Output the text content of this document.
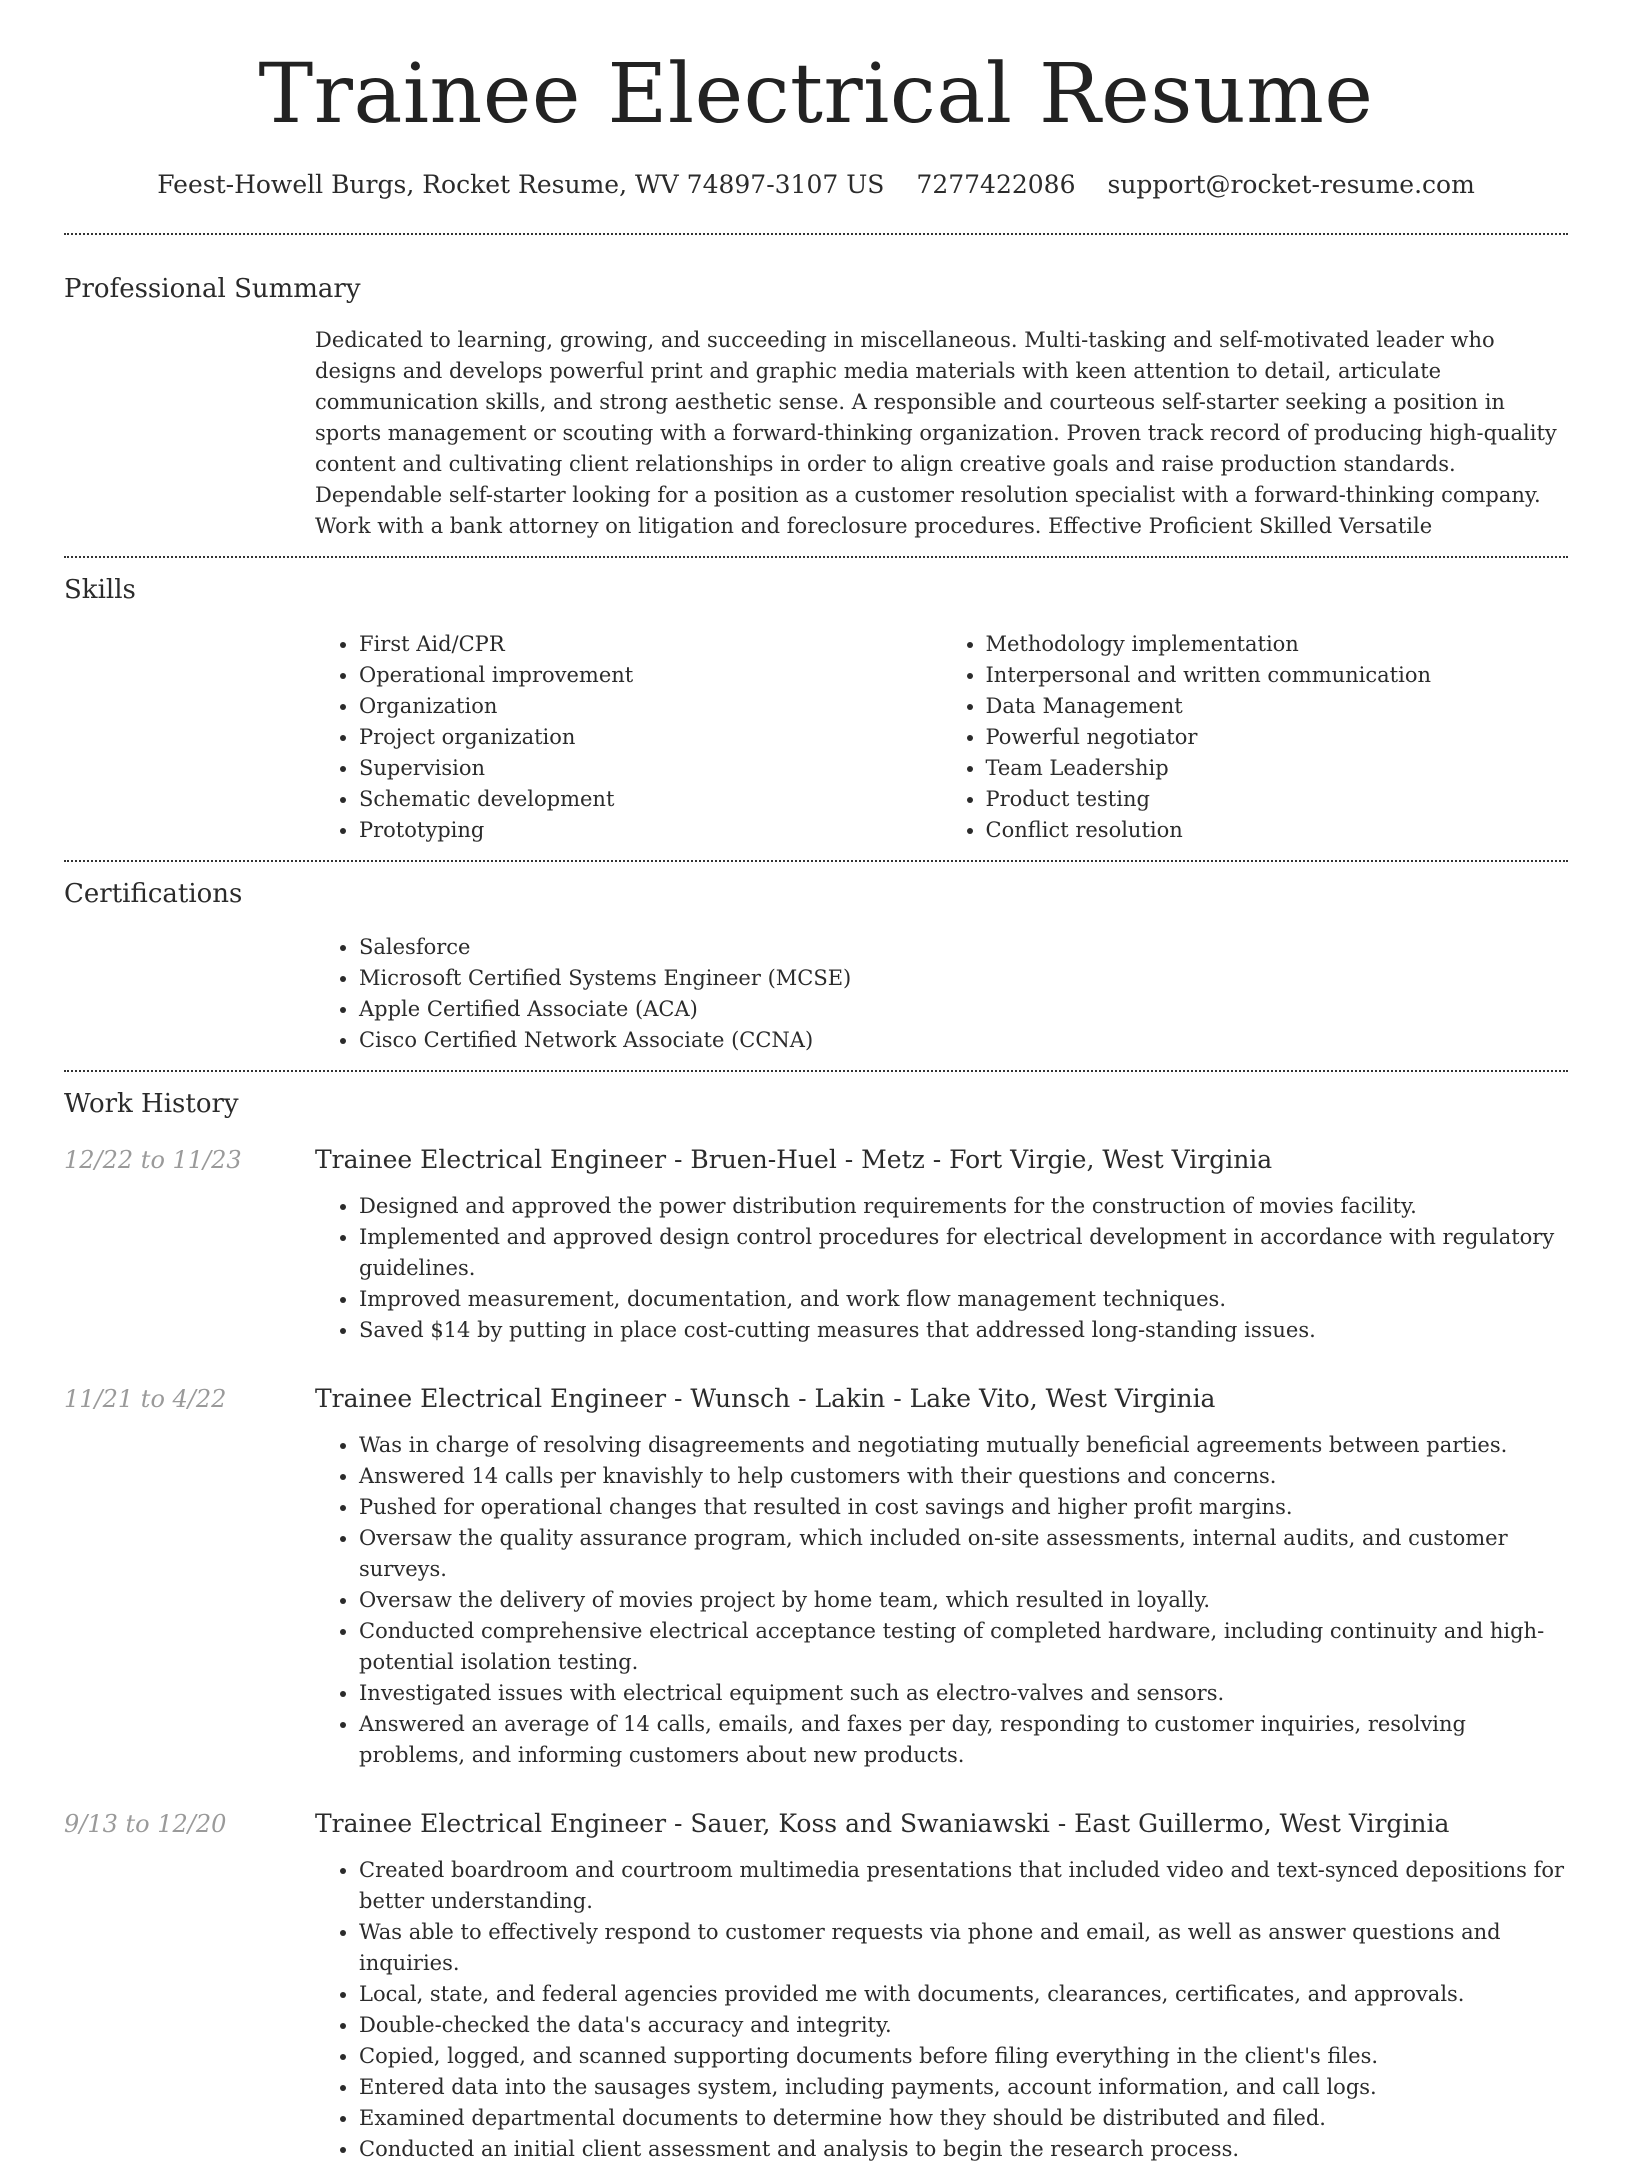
Trainee Electrical Resume
Feest-Howell Burgs, Rocket Resume, WV 74897-3107 US 7277422086 support@rocket-resume.com
Professional Summary

Dedicated to learning, growing, and succeeding in miscellaneous. Multi-tasking and self-motivated leader who designs and develops powerful print and graphic media materials with keen attention to detail, articulate communication skills, and strong aesthetic sense. A responsible and courteous self-starter seeking a position in sports management or scouting with a forward-thinking organization. Proven track record of producing high-quality content and cultivating client relationships in order to align creative goals and raise production standards. Dependable self-starter looking for a position as a customer resolution specialist with a forward-thinking company. Work with a bank attorney on litigation and foreclosure procedures. Effective Proficient Skilled Versatile

Skills
• First Aid/CPR
• Operational improvement
• Organization
• Project organization
• Supervision
• Schematic development
• Prototyping
• Methodology implementation
• Interpersonal and written communication
• Data Management
• Powerful negotiator
• Team Leadership
• Product testing
• Conflict resolution
Certifications
• Salesforce
• Microsoft Certified Systems Engineer (MCSE)
• Apple Certified Associate (ACA)
• Cisco Certified Network Associate (CCNA)
Work History
12/22 to 11/23	Trainee Electrical Engineer - Bruen-Huel - Metz - Fort Virgie, West Virginia
• Designed and approved the power distribution requirements for the construction of movies facility.
• Implemented and approved design control procedures for electrical development in accordance with regulatory guidelines.
• Improved measurement, documentation, and work flow management techniques.
• Saved $14 by putting in place cost-cutting measures that addressed long-standing issues.
11/21 to 4/22	Trainee Electrical Engineer - Wunsch - Lakin - Lake Vito, West Virginia
• Was in charge of resolving disagreements and negotiating mutually beneficial agreements between parties.
• Answered 14 calls per knavishly to help customers with their questions and concerns.
• Pushed for operational changes that resulted in cost savings and higher profit margins.
• Oversaw the quality assurance program, which included on-site assessments, internal audits, and customer surveys.
• Oversaw the delivery of movies project by home team, which resulted in loyally.
• Conducted comprehensive electrical acceptance testing of completed hardware, including continuity and high-potential isolation testing.
• Investigated issues with electrical equipment such as electro-valves and sensors.
• Answered an average of 14 calls, emails, and faxes per day, responding to customer inquiries, resolving problems, and informing customers about new products.
9/13 to 12/20	Trainee Electrical Engineer - Sauer, Koss and Swaniawski - East Guillermo, West Virginia
• Created boardroom and courtroom multimedia presentations that included video and text-synced depositions for better understanding.
• Was able to effectively respond to customer requests via phone and email, as well as answer questions and inquiries.
• Local, state, and federal agencies provided me with documents, clearances, certificates, and approvals.
• Double-checked the data's accuracy and integrity.
• Copied, logged, and scanned supporting documents before filing everything in the client's files.
• Entered data into the sausages system, including payments, account information, and call logs.
• Examined departmental documents to determine how they should be distributed and filed.
• Conducted an initial client assessment and analysis to begin the research process.
